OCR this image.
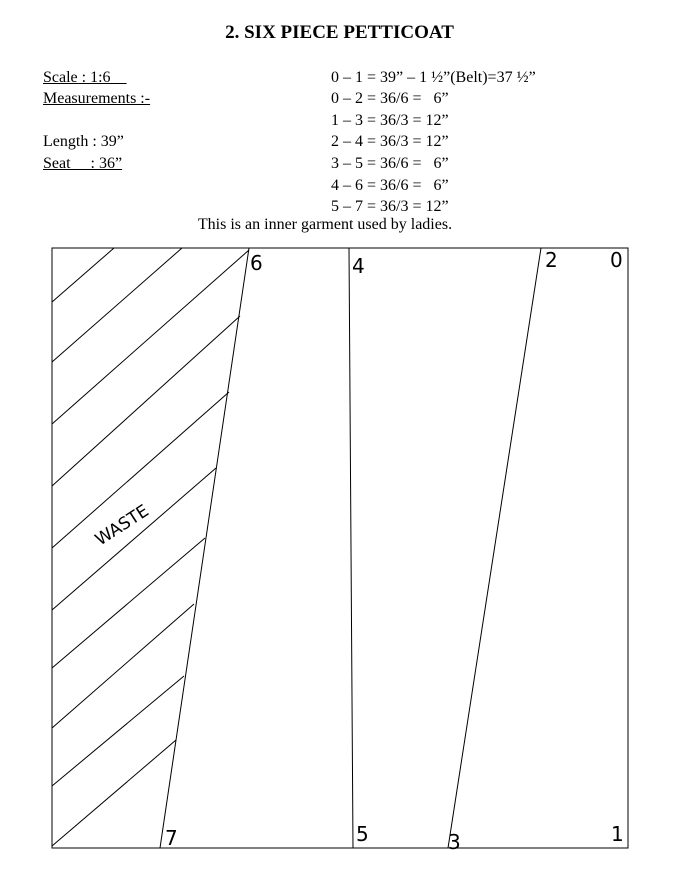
2. SIX PIECE PETTICOAT
Scale : 1:6
Measurements :-
Length : 39”
Seat     : 36”
0 – 1 = 39” – 1 ½”(Belt)=37 ½”
0 – 2 = 36/6 =   6”
1 – 3 = 36/3 = 12”
2 – 4 = 36/3 = 12”
3 – 5 = 36/6 =   6”
4 – 6 = 36/6 =   6”
5 – 7 = 36/3 = 12”
This is an inner garment used by ladies.
6	4	2	0
7	5	3	1
WASTE
